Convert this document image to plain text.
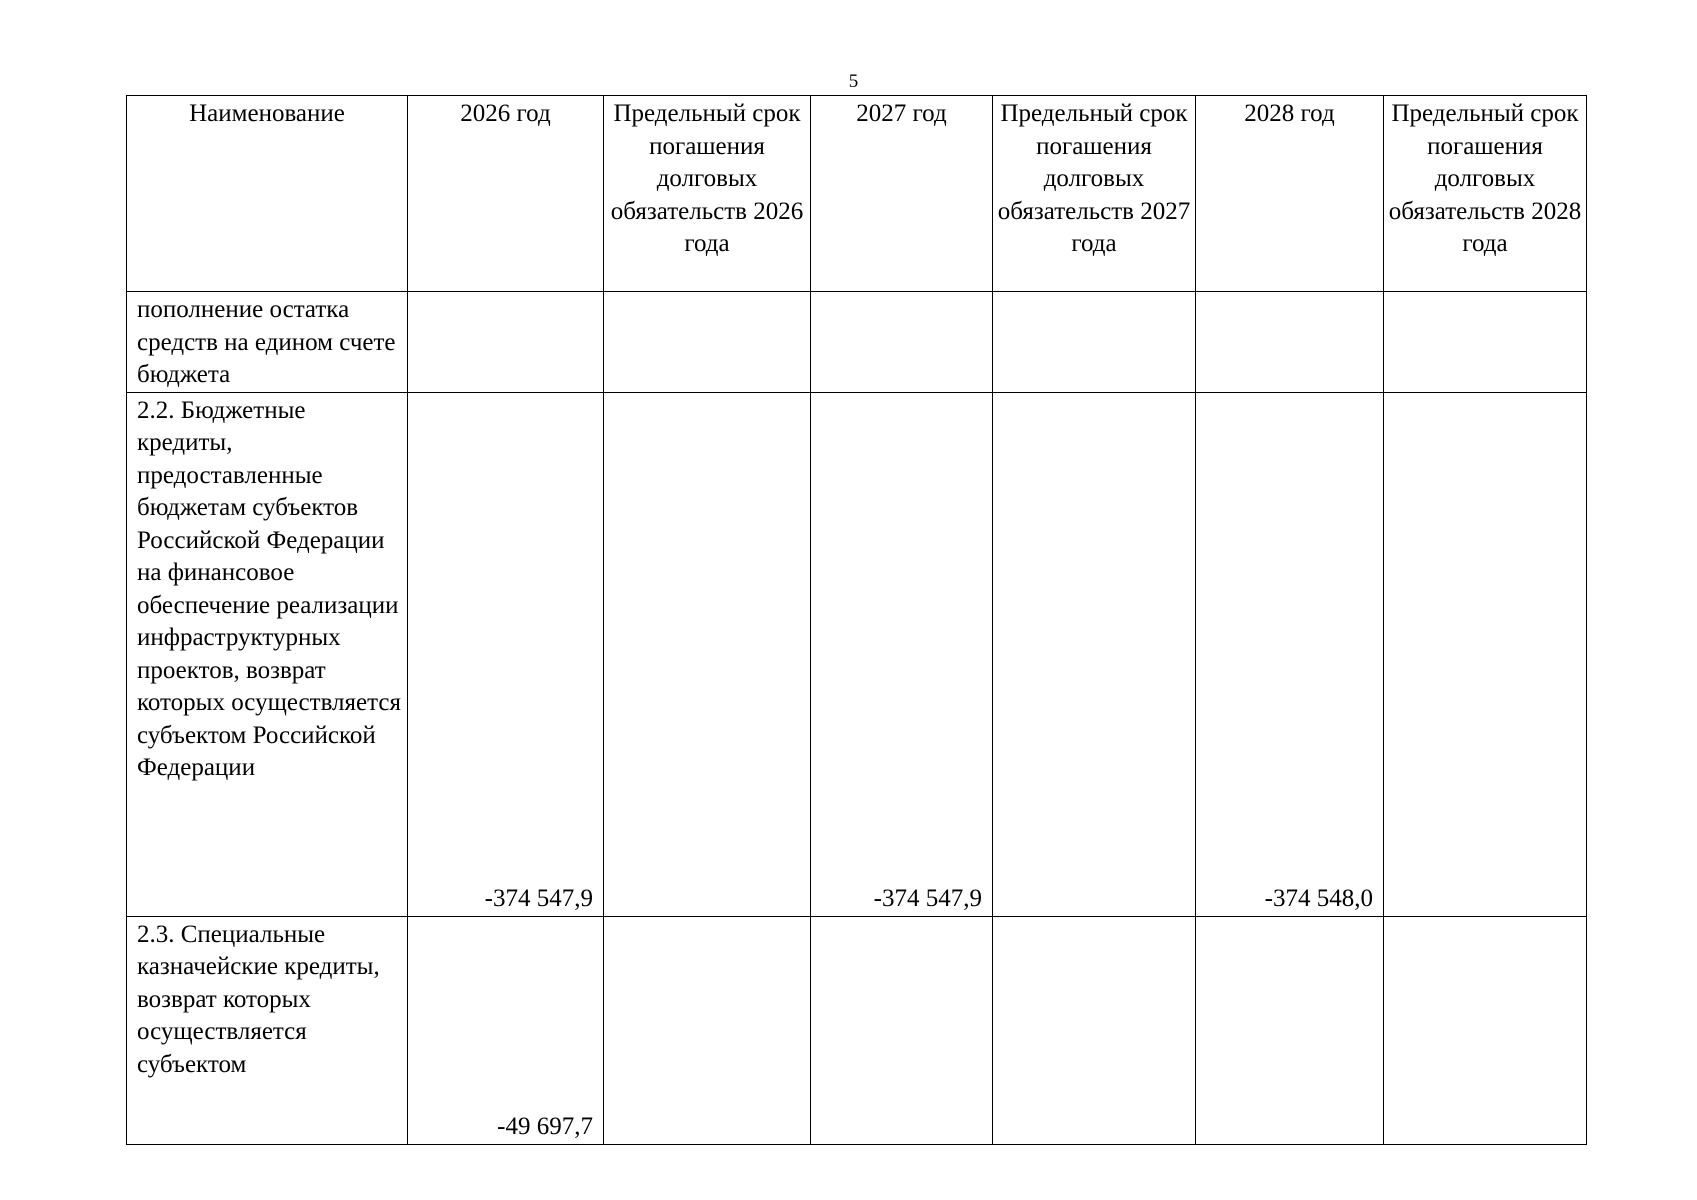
5
Наименование	2026 год	Предельный срок погашения долговых обязательств 2026 года	2027 год	Предельный срок погашения долговых обязательств 2027 года	2028 год	Предельный срок погашения долговых обязательств 2028 года
пополнение остатка средств на едином счете бюджета						
2.2. Бюджетные кредиты, предоставленные бюджетам субъектов Российской Федерации на финансовое обеспечение реализации инфраструктурных проектов, возврат которых осуществляется субъектом Российской Федерации	-374 547,9		-374 547,9		-374 548,0	
2.3. Специальные казначейские кредиты, возврат которых осуществляется субъектом	-49 697,7					
